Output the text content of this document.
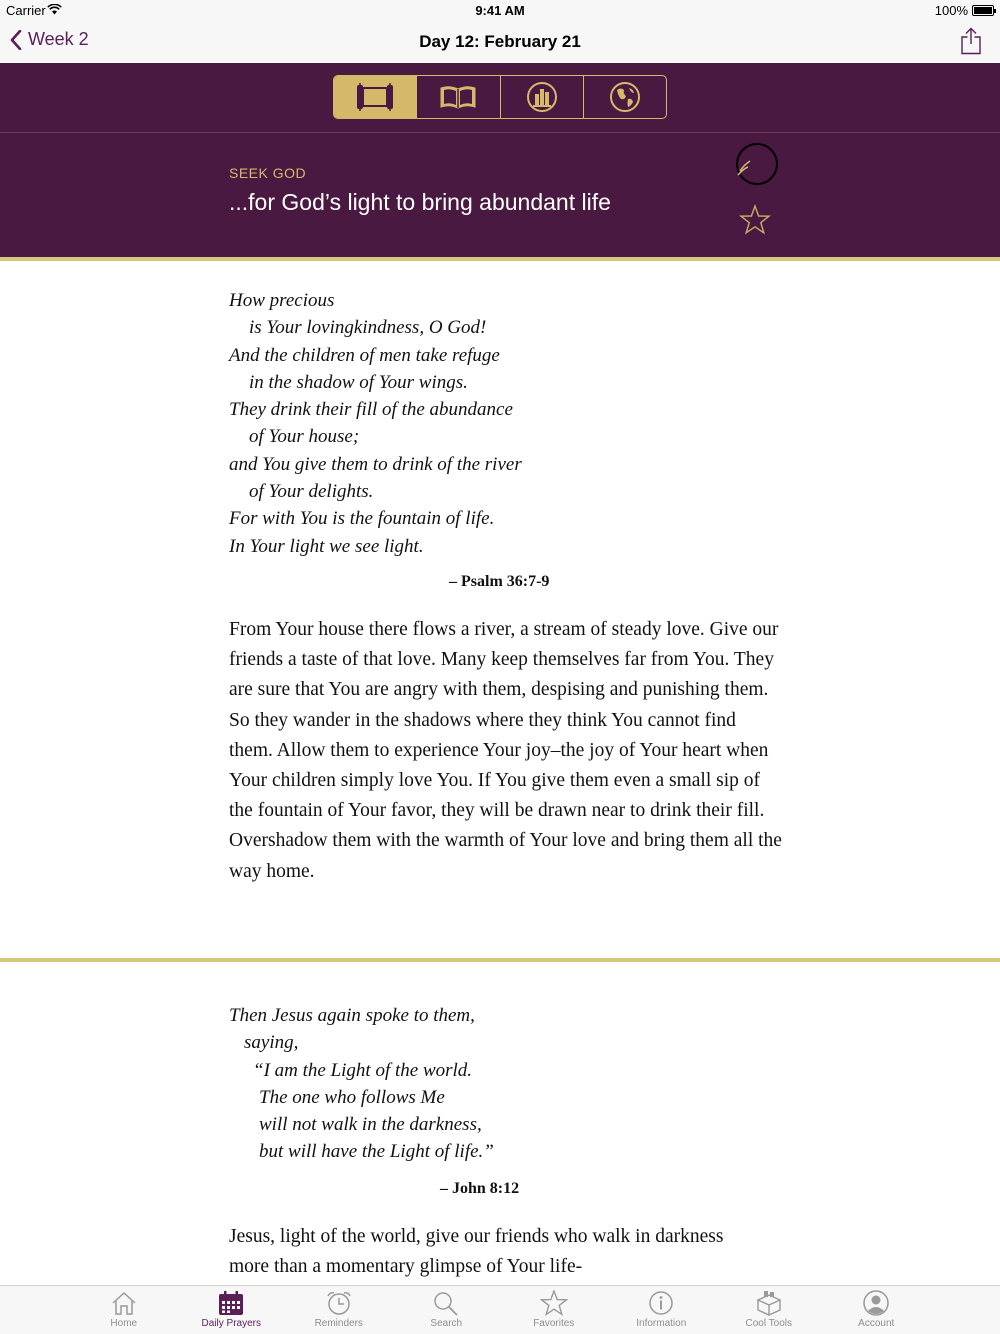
Carrier	9:41 AM	100%
Week 2	Day 12: February 21
SEEK GOD
...for God’s light to bring abundant life
How precious
is Your lovingkindness, O God!
And the children of men take refuge
in the shadow of Your wings.
They drink their fill of the abundance
of Your house;
and You give them to drink of the river
of Your delights.
For with You is the fountain of life.
In Your light we see light.
– Psalm 36:7-9
From Your house there flows a river, a stream of steady love. Give our friends a taste of that love. Many keep themselves far from You. They are sure that You are angry with them, despising and punishing them. So they wander in the shadows where they think You cannot find them. Allow them to experience Your joy–the joy of Your heart when Your children simply love You. If You give them even a small sip of the fountain of Your favor, they will be drawn near to drink their fill. Overshadow them with the warmth of Your love and bring them all the way home.
Then Jesus again spoke to them,
saying,
“I am the Light of the world.
The one who follows Me
will not walk in the darkness,
but will have the Light of life.”
– John 8:12
Jesus, light of the world, give our friends who walk in darkness more than a momentary glimpse of Your life-
Home	Daily Prayers	Reminders	Search	Favorites	Information	Cool Tools	Account
